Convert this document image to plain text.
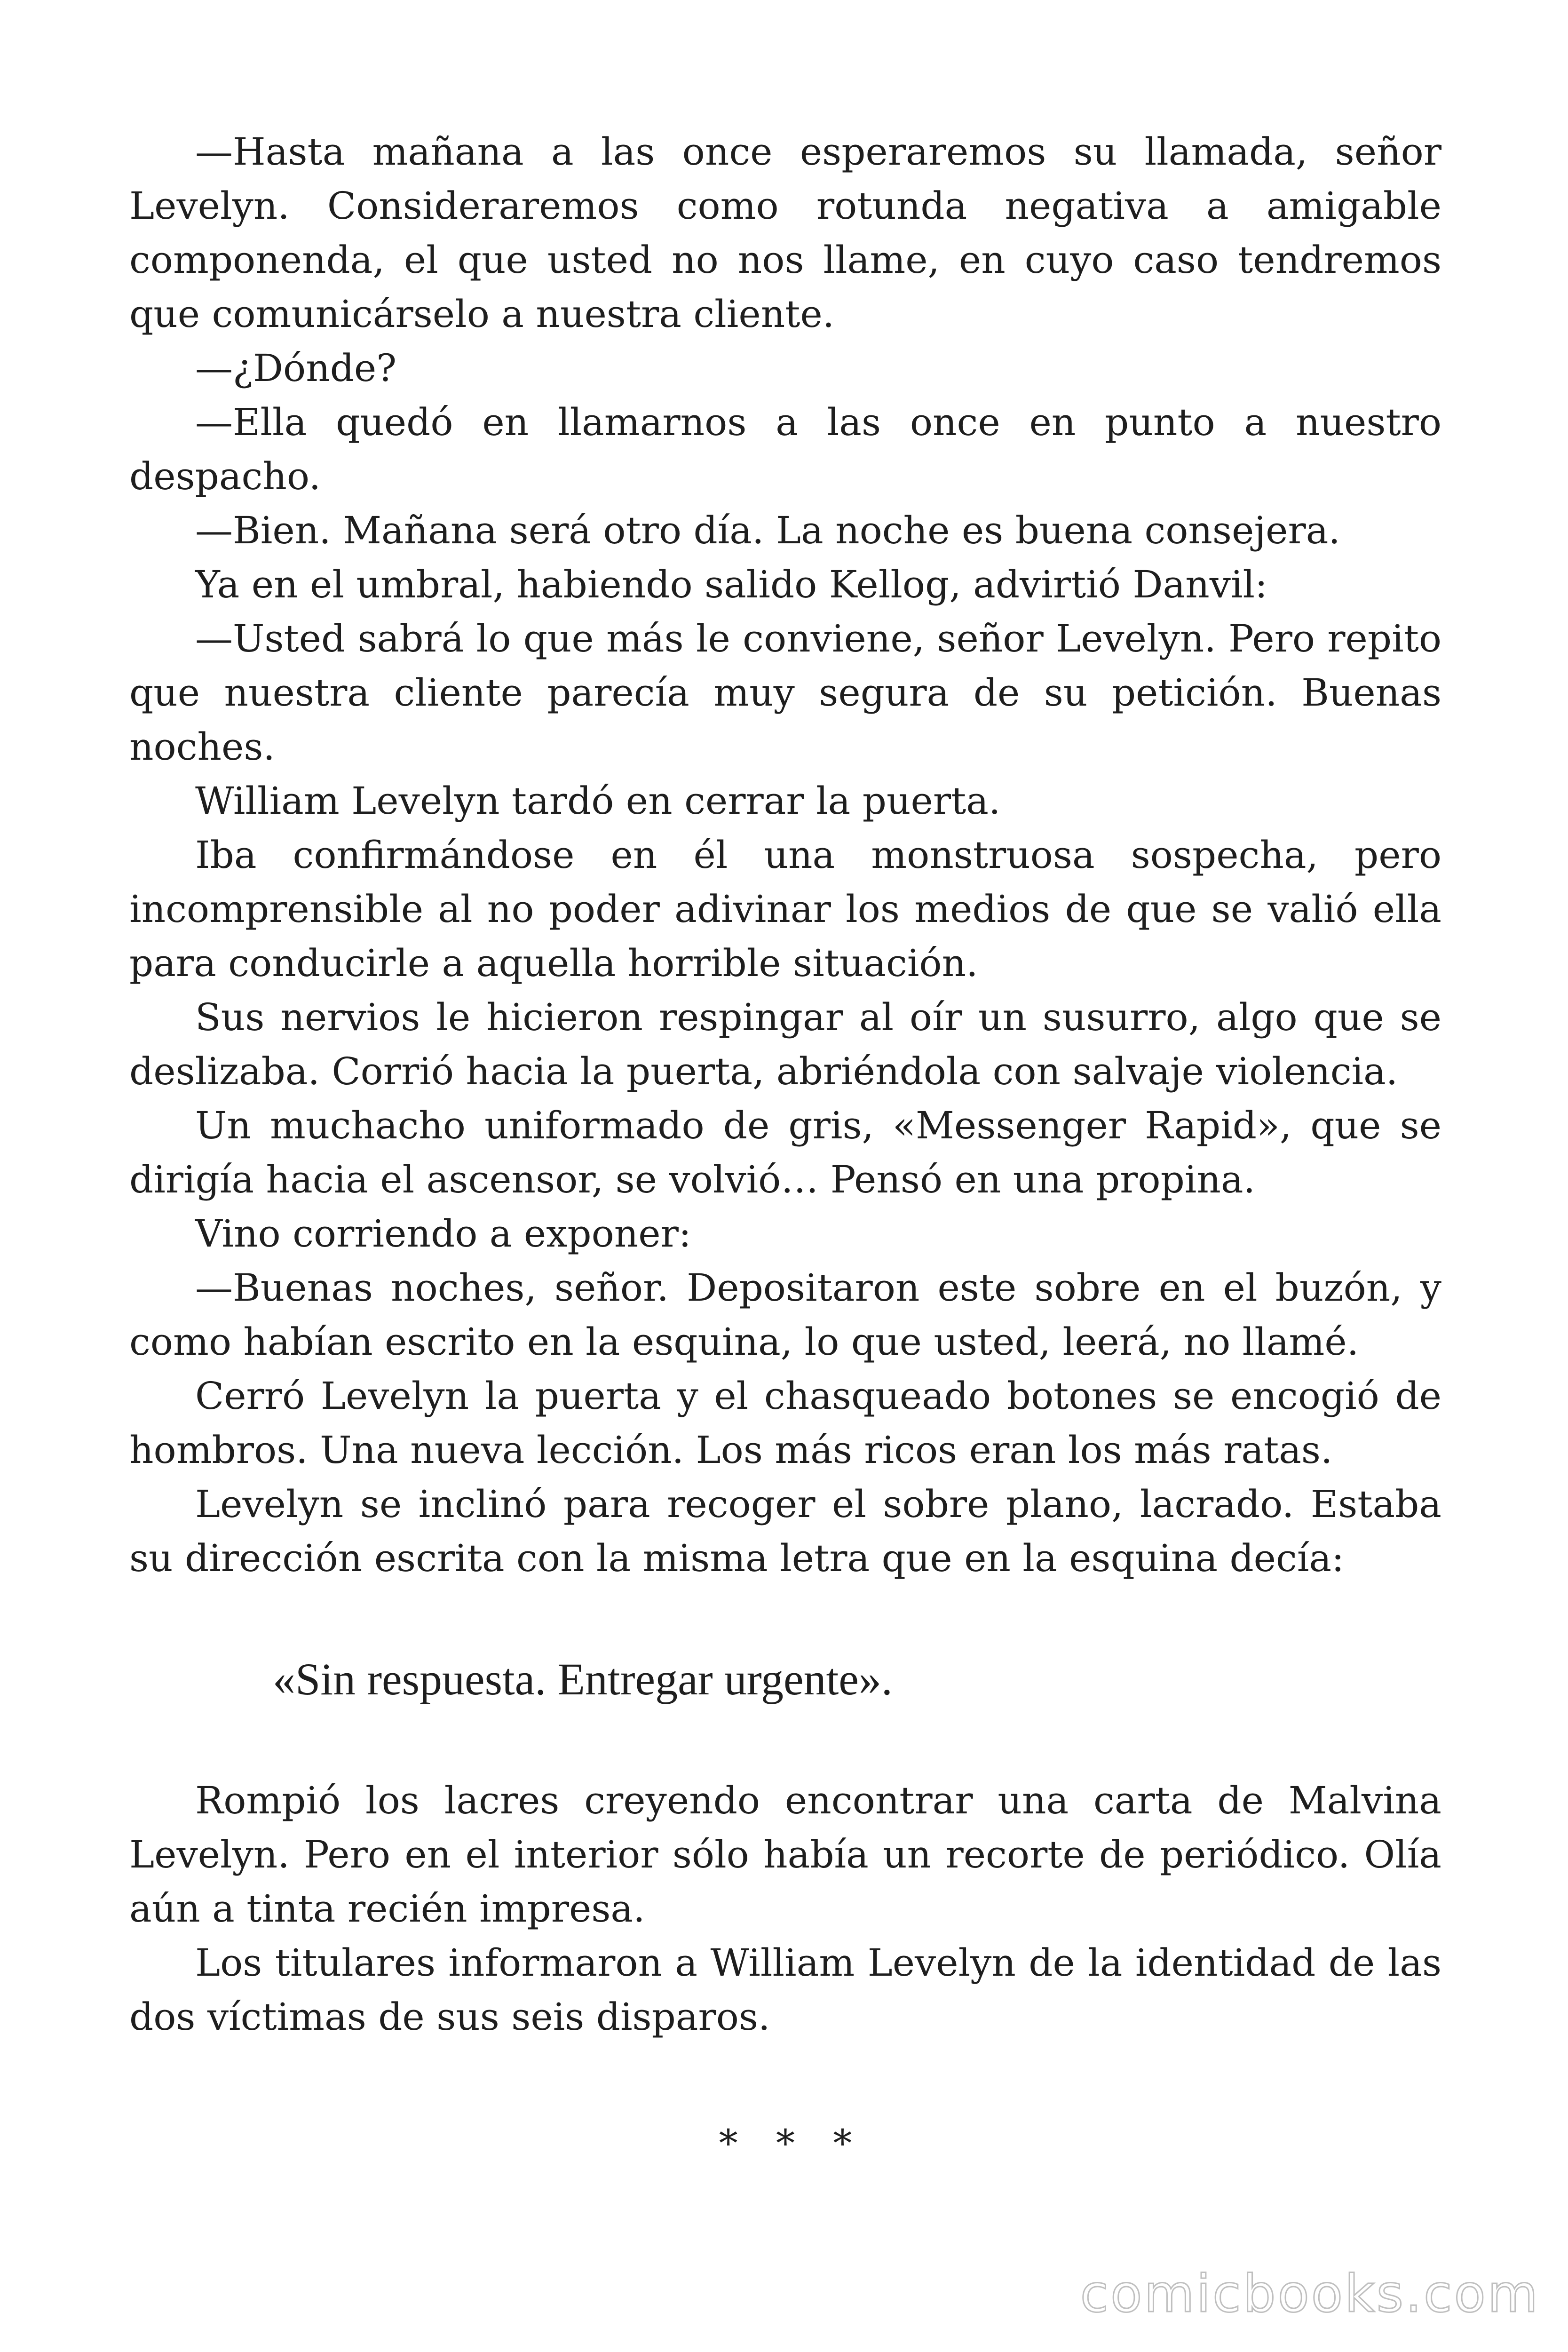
—Hasta mañana a las once esperaremos su llamada, señor Levelyn. Consideraremos como rotunda negativa a amigable componenda, el que usted no nos llame, en cuyo caso tendremos que comunicárselo a nuestra cliente.

—¿Dónde?

—Ella quedó en llamarnos a las once en punto a nuestro despacho.

—Bien. Mañana será otro día. La noche es buena consejera.

Ya en el umbral, habiendo salido Kellog, advirtió Danvil:

—Usted sabrá lo que más le conviene, señor Levelyn. Pero repito que nuestra cliente parecía muy segura de su petición. Buenas noches.

William Levelyn tardó en cerrar la puerta.

Iba confirmándose en él una monstruosa sospecha, pero incomprensible al no poder adivinar los medios de que se valió ella para conducirle a aquella horrible situación.

Sus nervios le hicieron respingar al oír un susurro, algo que se deslizaba. Corrió hacia la puerta, abriéndola con salvaje violencia.

Un muchacho uniformado de gris, «Messenger Rapid», que se dirigía hacia el ascensor, se volvió… Pensó en una propina.

Vino corriendo a exponer:

—Buenas noches, señor. Depositaron este sobre en el buzón, y como habían escrito en la esquina, lo que usted, leerá, no llamé.

Cerró Levelyn la puerta y el chasqueado botones se encogió de hombros. Una nueva lección. Los más ricos eran los más ratas.

Levelyn se inclinó para recoger el sobre plano, lacrado. Estaba su dirección escrita con la misma letra que en la esquina decía:

«Sin respuesta. Entregar urgente».

Rompió los lacres creyendo encontrar una carta de Malvina Levelyn. Pero en el interior sólo había un recorte de periódico. Olía aún a tinta recién impresa.

Los titulares informaron a William Levelyn de la identidad de las dos víctimas de sus seis disparos.

* * *
comicbooks.com
